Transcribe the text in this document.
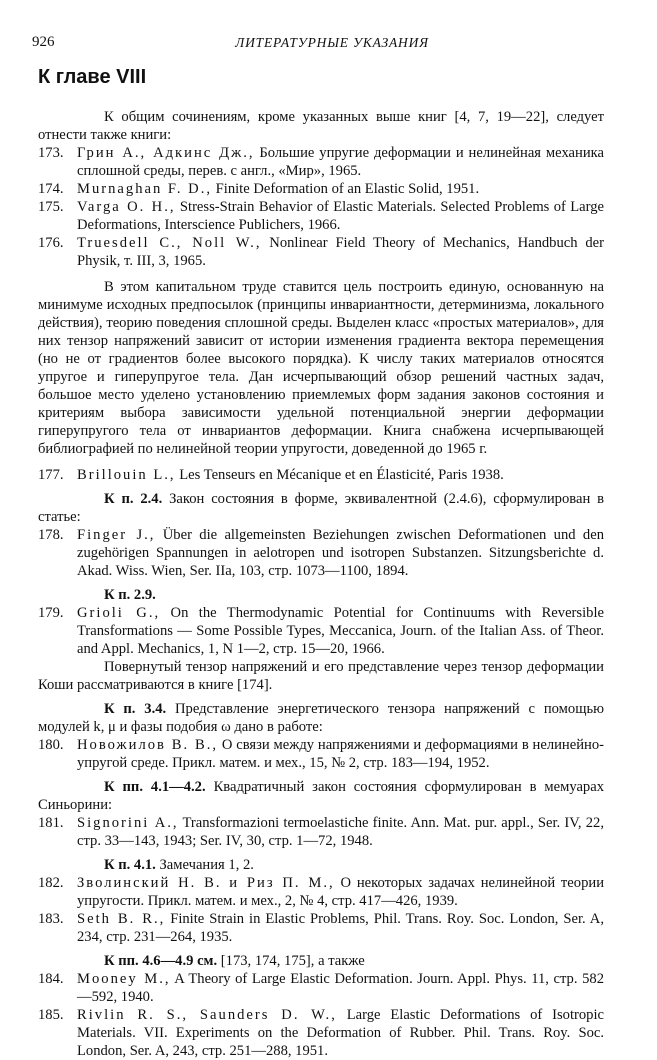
926	ЛИТЕРАТУРНЫЕ УКАЗАНИЯ
К главе VIII

К общим сочинениям, кроме указанных выше книг [4, 7, 19—22], следует отнести также книги:

173. Грин А., Адкинс Дж., Большие упругие деформации и нелинейная механика сплошной среды, перев. с англ., «Мир», 1965.

174. Murnaghan F. D., Finite Deformation of an Elastic Solid, 1951.

175. Varga O. H., Stress-Strain Behavior of Elastic Materials. Selected Problems of Large Deformations, Interscience Publichers, 1966.

176. Truesdell C., Noll W., Nonlinear Field Theory of Mechanics, Handbuch der Physik, т. III, 3, 1965.

В этом капитальном труде ставится цель построить единую, основанную на минимуме исходных предпосылок (принципы инвариантности, детерминизма, локального действия), теорию поведения сплошной среды. Выделен класс «простых материалов», для них тензор напряжений зависит от истории изменения градиента вектора перемещения (но не от градиентов более высокого порядка). К числу таких материалов относятся упругое и гиперупругое тела. Дан исчерпывающий обзор решений частных задач, большое место уделено установлению приемлемых форм задания законов состояния и критериям выбора зависимости удельной потенциальной энергии деформации гиперупругого тела от инвариантов деформации. Книга снабжена исчерпывающей библиографией по нелинейной теории упругости, доведенной до 1965 г.

177. Brillouin L., Les Tenseurs en Mécanique et en Élasticité, Paris 1938.

К п. 2.4. Закон состояния в форме, эквивалентной (2.4.6), сформулирован в статье:

178. Finger J., Über die allgemeinsten Beziehungen zwischen Deformationen und den zugehörigen Spannungen in aelotropen und isotropen Substanzen. Sitzungsberichte d. Akad. Wiss. Wien, Ser. IIa, 103, стр. 1073—1100, 1894.

К п. 2.9.

179. Grioli G., On the Thermodynamic Potential for Continuums with Reversible Transformations — Some Possible Types, Meccanica, Journ. of the Italian Ass. of Theor. and Appl. Mechanics, 1, N 1—2, стр. 15—20, 1966.

Повернутый тензор напряжений и его представление через тензор деформации Коши рассматриваются в книге [174].

К п. 3.4. Представление энергетического тензора напряжений с помощью модулей k, μ и фазы подобия ω дано в работе:

180. Новожилов В. В., О связи между напряжениями и деформациями в нелинейно-упругой среде. Прикл. матем. и мех., 15, № 2, стр. 183—194, 1952.

К пп. 4.1—4.2. Квадратичный закон состояния сформулирован в мемуарах Синьорини:

181. Signorini A., Transformazioni termoelastiche finite. Ann. Mat. pur. appl., Ser. IV, 22, стр. 33—143, 1943; Ser. IV, 30, стр. 1—72, 1948.

К п. 4.1. Замечания 1, 2.

182. Зволинский Н. В. и Риз П. М., О некоторых задачах нелинейной теории упругости. Прикл. матем. и мех., 2, № 4, стр. 417—426, 1939.

183. Seth B. R., Finite Strain in Elastic Problems, Phil. Trans. Roy. Soc. London, Ser. A, 234, стр. 231—264, 1935.

К пп. 4.6—4.9 см. [173, 174, 175], а также

184. Mooney M., A Theory of Large Elastic Deformation. Journ. Appl. Phys. 11, стр. 582—592, 1940.

185. Rivlin R. S., Saunders D. W., Large Elastic Deformations of Isotropic Materials. VII. Experiments on the Deformation of Rubber. Phil. Trans. Roy. Soc. London, Ser. A, 243, стр. 251—288, 1951.
